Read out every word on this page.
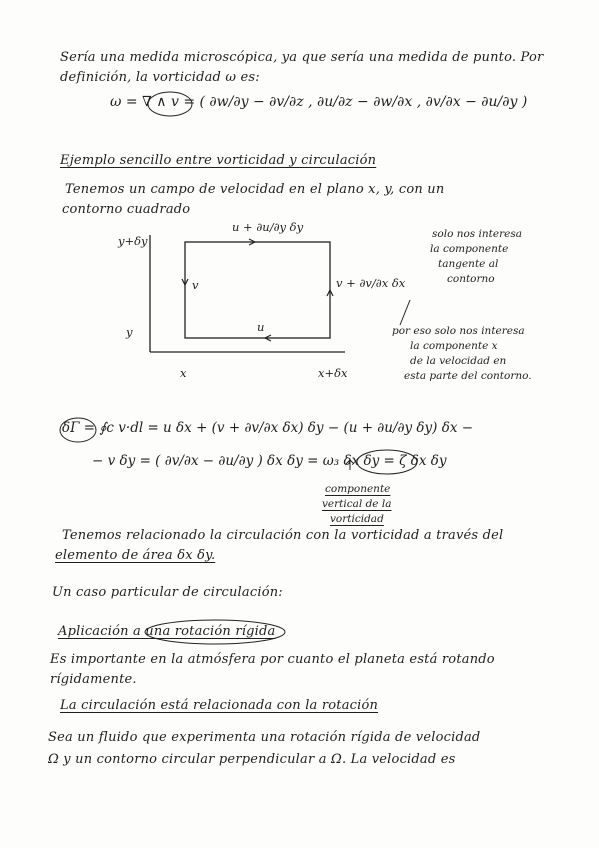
Sería una medida microscópica, ya que sería una medida de punto. Por
definición, la vorticidad ω es:
ω = ∇ ∧ v = ( ∂w/∂y − ∂v/∂z , ∂u/∂z − ∂w/∂x , ∂v/∂x − ∂u/∂y )
Ejemplo sencillo entre vorticidad y circulación
Tenemos un campo de velocidad en el plano x, y, con un
contorno cuadrado
u + ∂u/∂y δy
v	v + ∂v/∂x δx
u
y+δy
y
x	x+δx
solo nos interesa
la componente
tangente al
contorno
por eso solo nos interesa
la componente x
de la velocidad en
esta parte del contorno.
δΓ = ∮c v·dl = u δx + (v + ∂v/∂x δx) δy − (u + ∂u/∂y δy) δx −
− v δy = ( ∂v/∂x − ∂u/∂y ) δx δy = ω₃ δx δy = ζ δx δy
componente
vertical de la
vorticidad
Tenemos relacionado la circulación con la vorticidad a través del
elemento de área δx δy.
Un caso particular de circulación:
Aplicación a una rotación rígida
Es importante en la atmósfera por cuanto el planeta está rotando
rígidamente.
La circulación está relacionada con la rotación
Sea un fluido que experimenta una rotación rígida de velocidad
Ω y un contorno circular perpendicular a Ω. La velocidad es
